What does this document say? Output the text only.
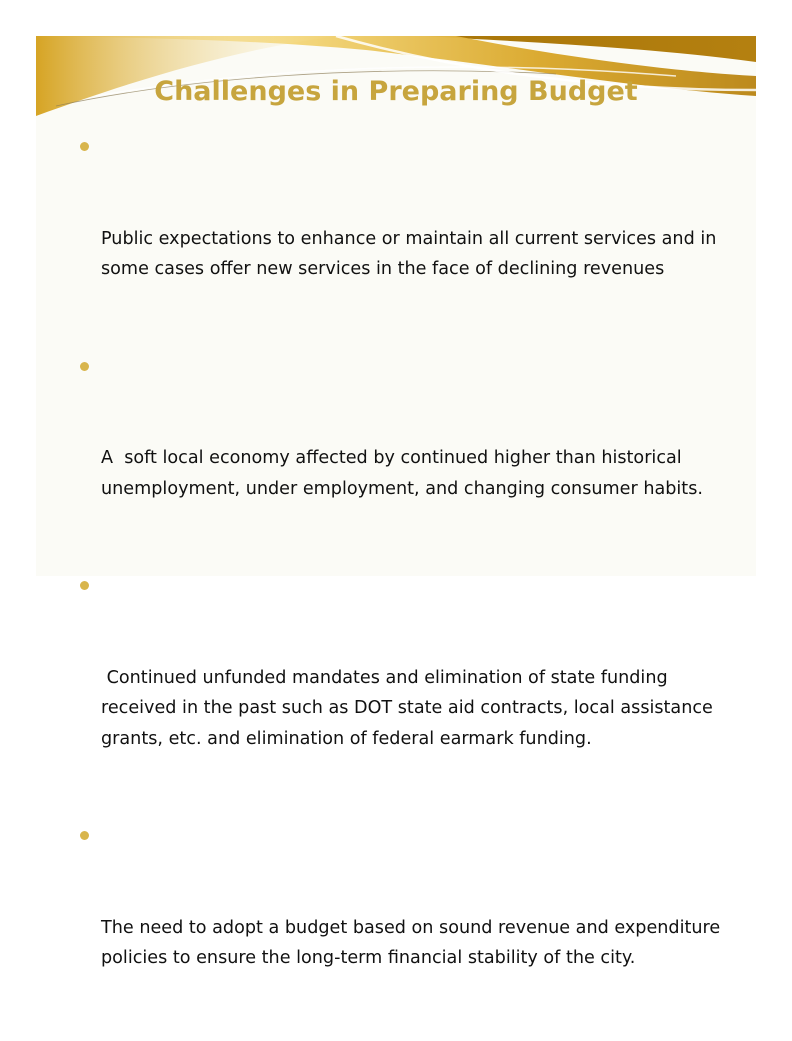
Challenges in Preparing Budget

Public expectations to enhance or maintain all current services and in some cases offer new services in the face of declining revenues

A  soft local economy affected by continued higher than historical unemployment, under employment, and changing consumer habits.

Continued unfunded mandates and elimination of state funding received in the past such as DOT state aid contracts, local assistance grants, etc. and elimination of federal earmark funding.

The need to adopt a budget based on sound revenue and expenditure policies to ensure the long-term financial stability of the city.
